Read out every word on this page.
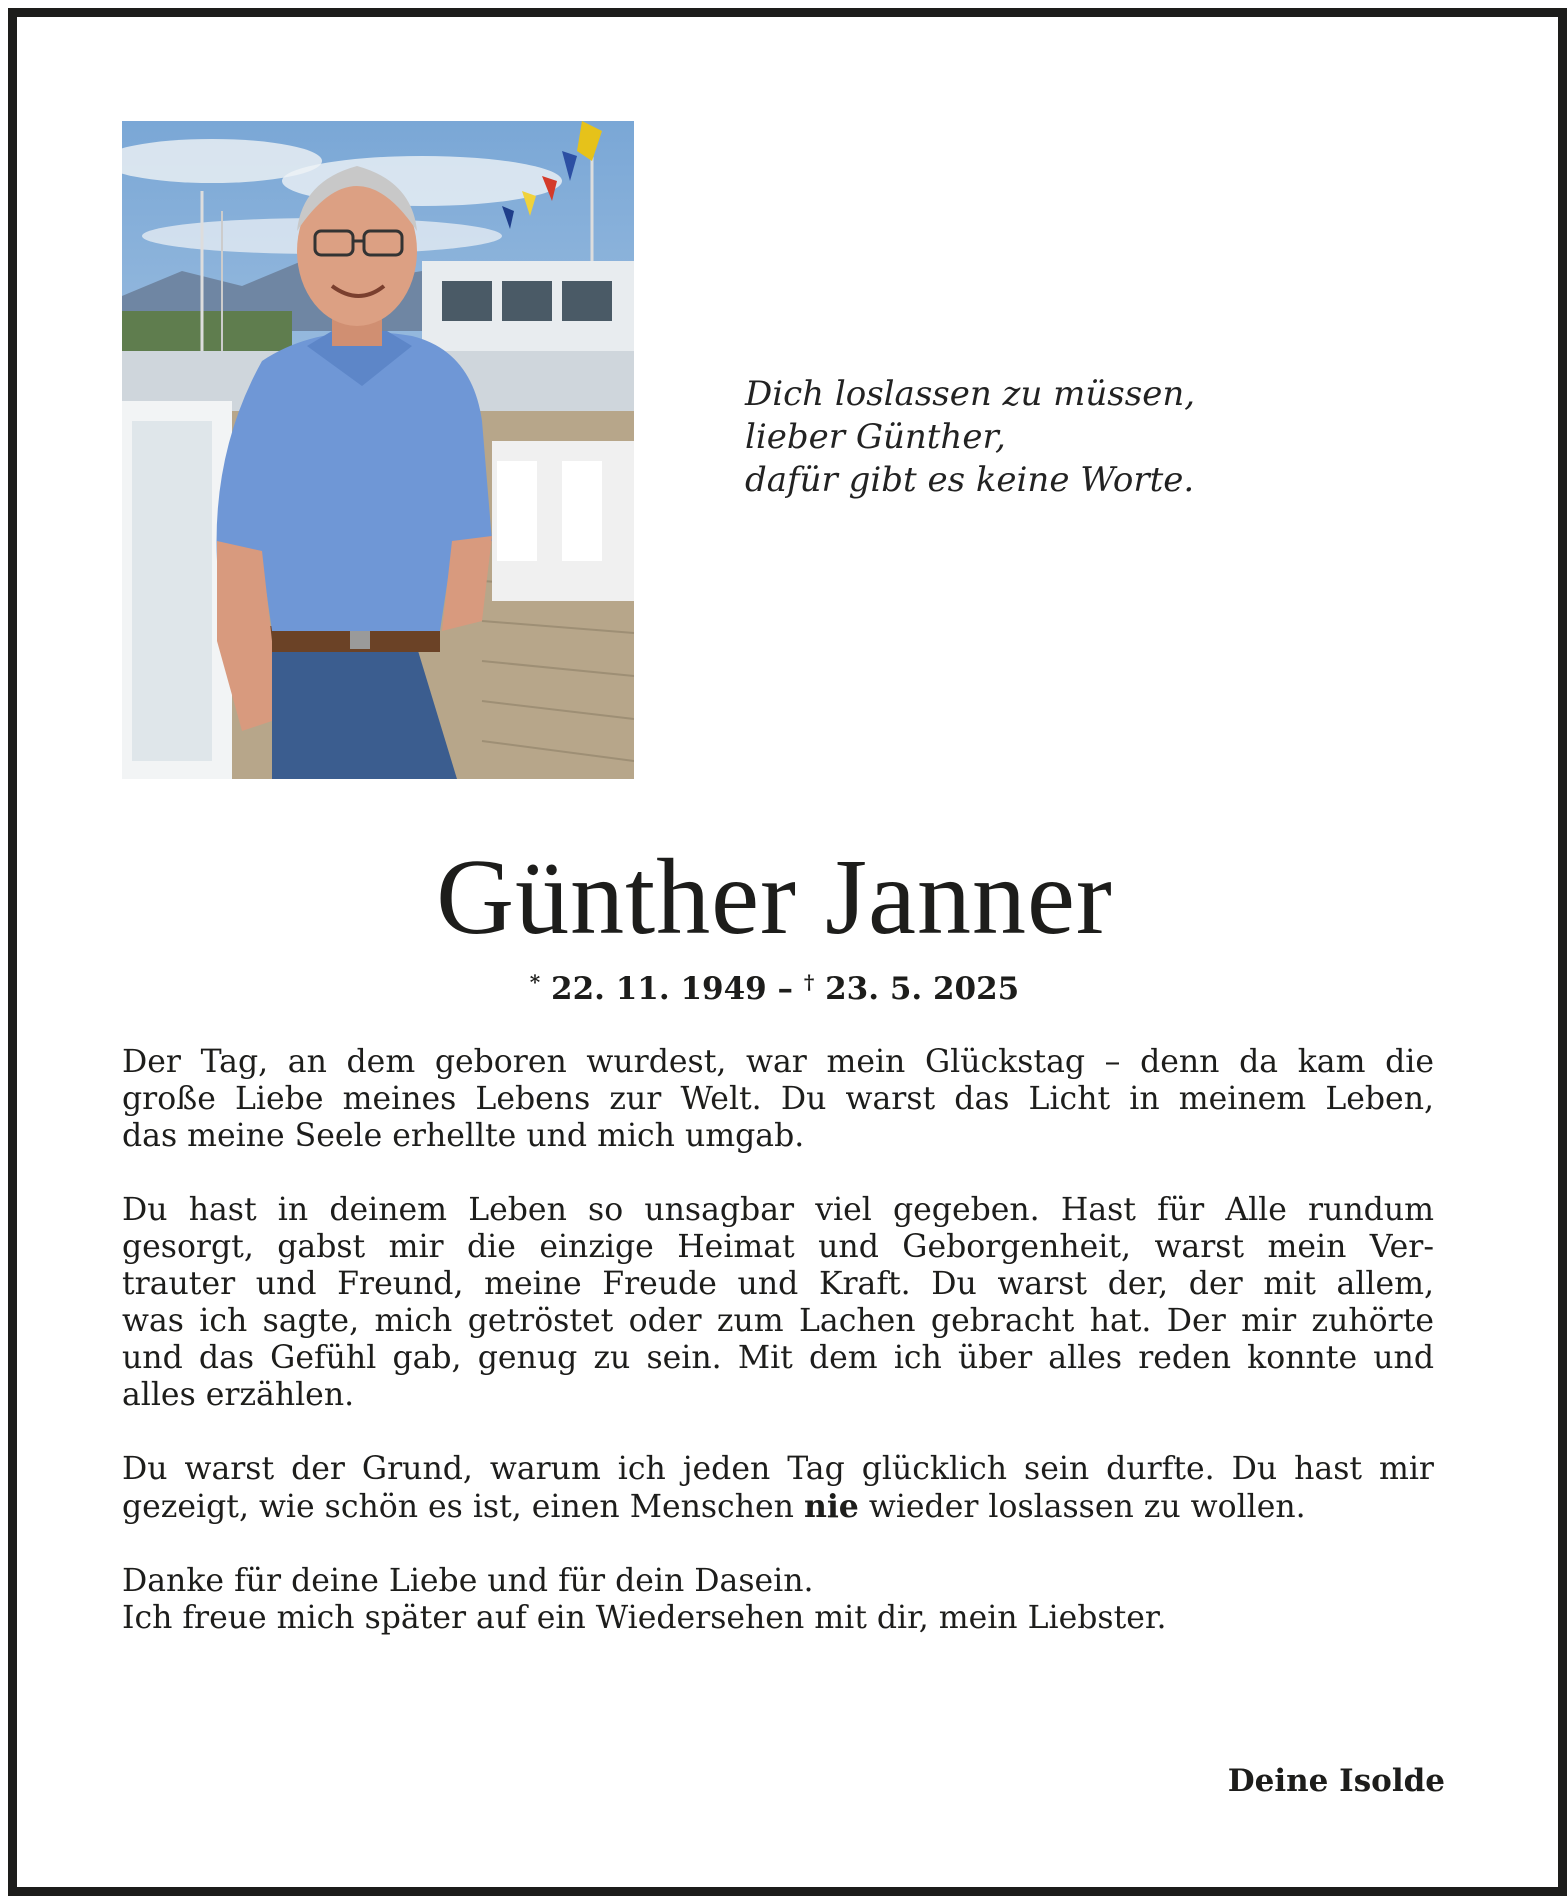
Dich loslassen zu müssen,
lieber Günther,
dafür gibt es keine Worte.
Günther Janner
* 22. 11. 1949 – † 23. 5. 2025
Der Tag, an dem geboren wurdest, war mein Glückstag – denn da kam die
große Liebe meines Lebens zur Welt. Du warst das Licht in meinem Leben,
das meine Seele erhellte und mich umgab.
Du hast in deinem Leben so unsagbar viel gegeben. Hast für Alle rundum
gesorgt, gabst mir die einzige Heimat und Geborgenheit, warst mein Ver-
trauter und Freund, meine Freude und Kraft. Du warst der, der mit allem,
was ich sagte, mich getröstet oder zum Lachen gebracht hat. Der mir zuhörte
und das Gefühl gab, genug zu sein. Mit dem ich über alles reden konnte und
alles erzählen.
Du warst der Grund, warum ich jeden Tag glücklich sein durfte. Du hast mir
gezeigt, wie schön es ist, einen Menschen nie wieder loslassen zu wollen.
Danke für deine Liebe und für dein Dasein.
Ich freue mich später auf ein Wiedersehen mit dir, mein Liebster.
Deine Isolde
